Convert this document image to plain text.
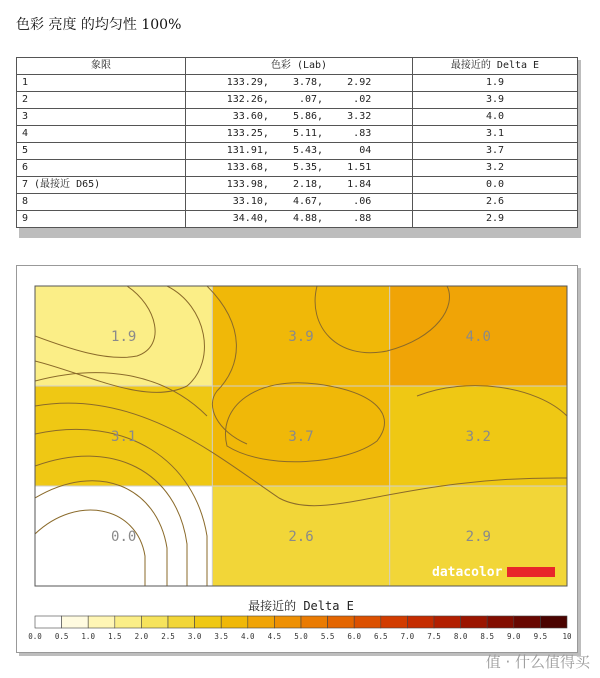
色彩 亮度 的均匀性 100%
象限	色彩 (Lab)	最接近的 Delta E
1	133.29,    3.78,    2.92	1.9
2	132.26,     .07,     .02	3.9
3	33.60,    5.86,    3.32	4.0
4	133.25,    5.11,     .83	3.1
5	131.91,    5.43,      04	3.7
6	133.68,    5.35,    1.51	3.2
7 (最接近 D65)	133.98,    2.18,    1.84	0.0
8	33.10,    4.67,     .06	2.6
9	34.40,    4.88,     .88	2.9
1.9	3.9	4.0
3.1	3.7	3.2
0.0	2.6	2.9
datacolor
最接近的 Delta E
0.0 0.5 1.0 1.5 2.0 2.5 3.0 3.5 4.0 4.5 5.0 5.5 6.0 6.5 7.0 7.5 8.0 8.5 9.0 9.5 10
值 · 什么值得买
